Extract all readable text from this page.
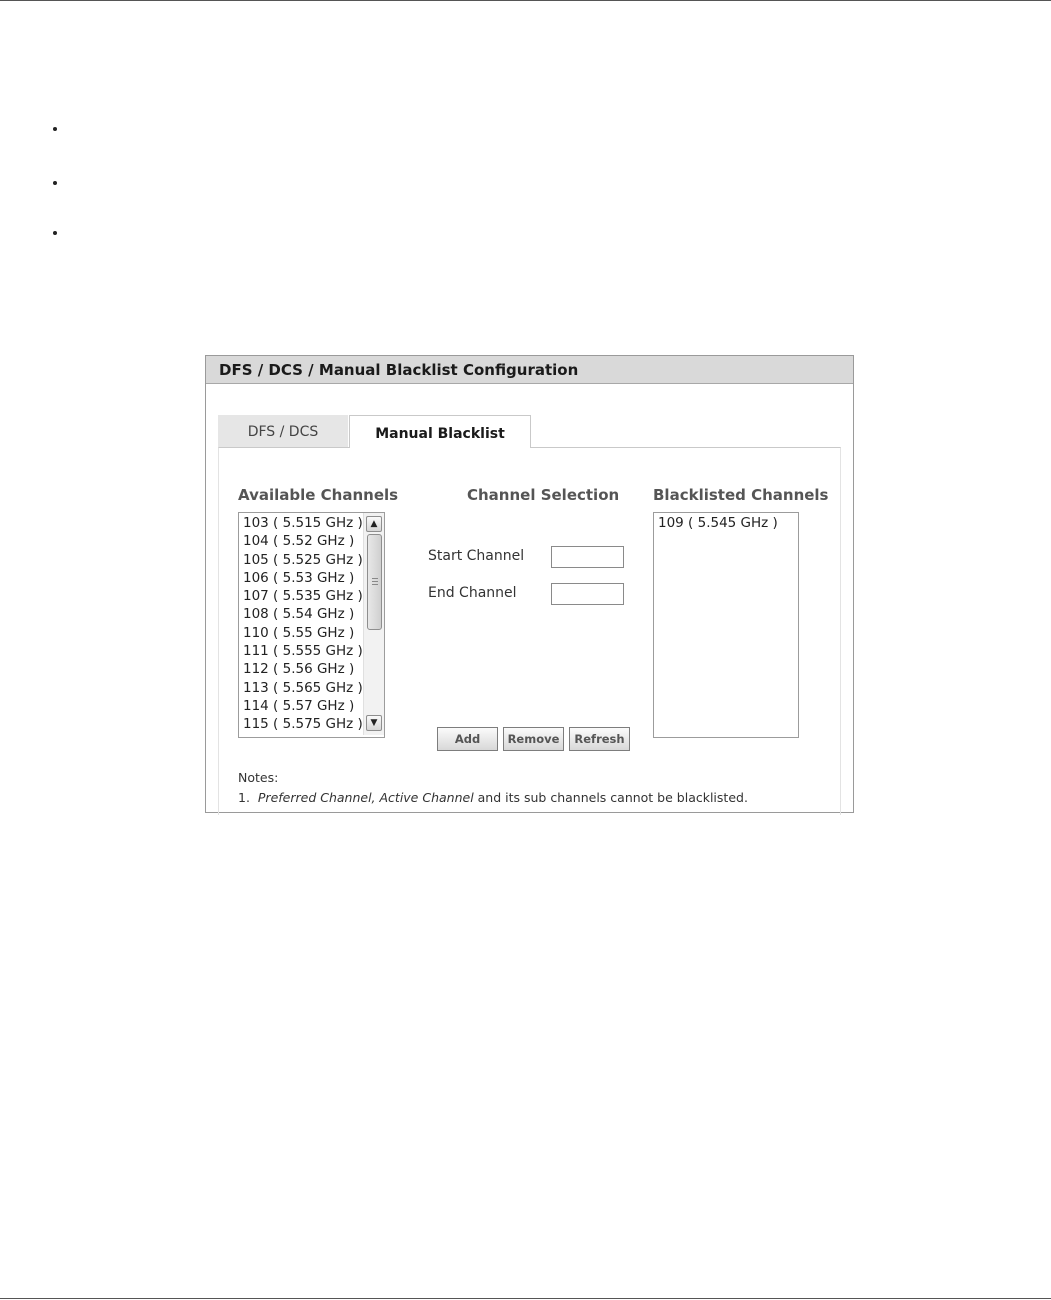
DFS / DCS / Manual Blacklist Configuration
DFS / DCS	Manual Blacklist
Available Channels
103 ( 5.515 GHz )
104 ( 5.52 GHz )
105 ( 5.525 GHz )
106 ( 5.53 GHz )
107 ( 5.535 GHz )
108 ( 5.54 GHz )
110 ( 5.55 GHz )
111 ( 5.555 GHz )
112 ( 5.56 GHz )
113 ( 5.565 GHz )
114 ( 5.57 GHz )
115 ( 5.575 GHz )
▲
▼
Channel Selection
Start Channel
End Channel
Add	Remove	Refresh
Blacklisted Channels
109 ( 5.545 GHz )
Notes:
1. Preferred Channel, Active Channel and its sub channels cannot be blacklisted.
